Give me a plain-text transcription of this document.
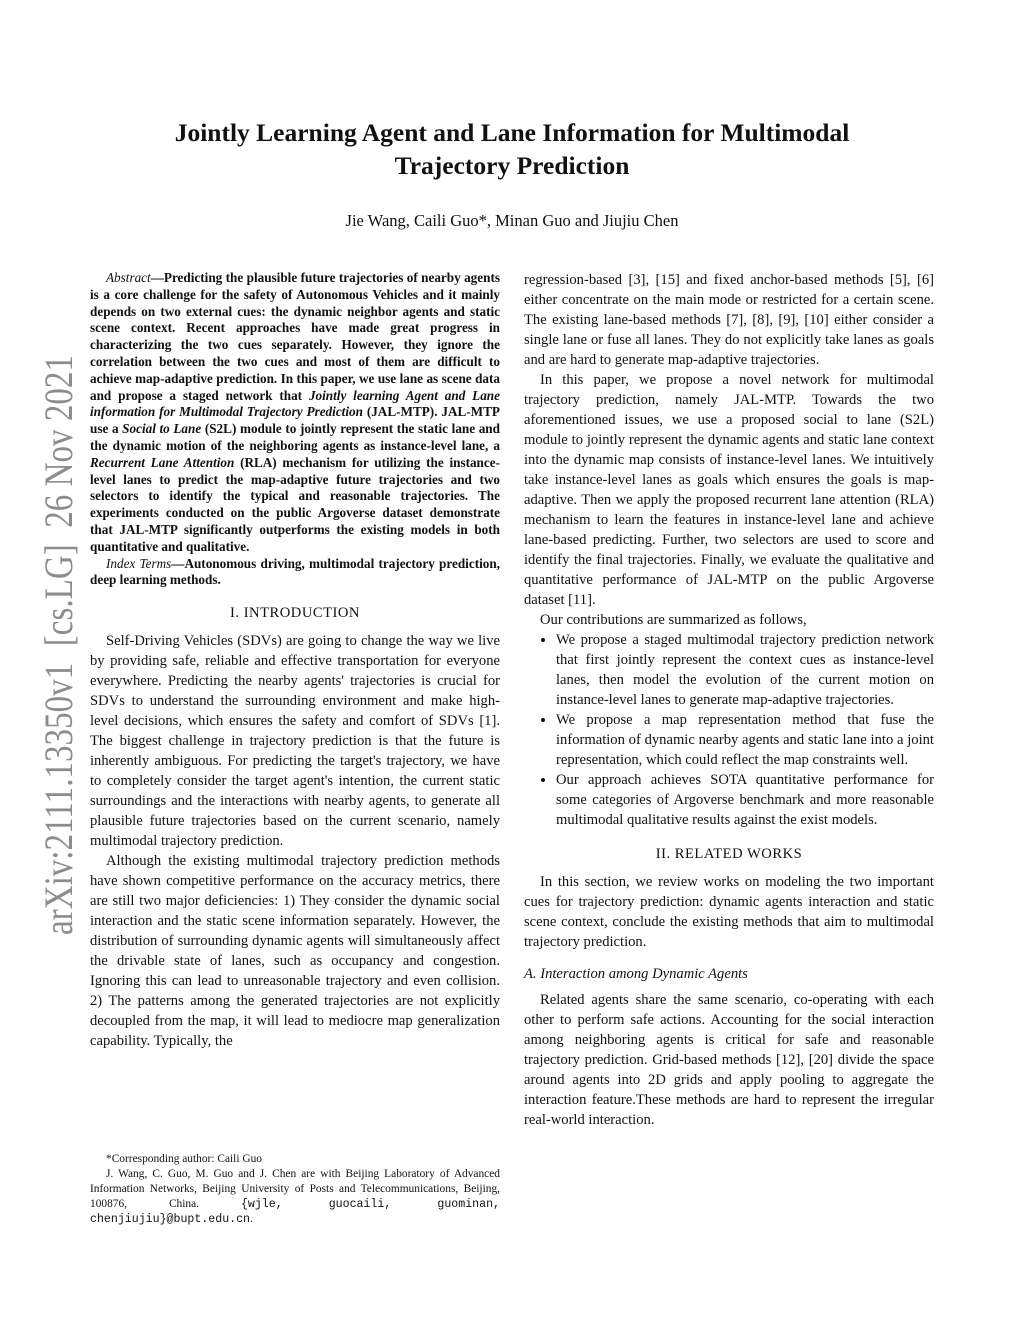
arXiv:2111.13350v1  [cs.LG]  26 Nov 2021
Jointly Learning Agent and Lane Information for Multimodal
Trajectory Prediction
Jie Wang, Caili Guo*, Minan Guo and Jiujiu Chen

Abstract—Predicting the plausible future trajectories of nearby agents is a core challenge for the safety of Autonomous Vehicles and it mainly depends on two external cues: the dynamic neighbor agents and static scene context. Recent approaches have made great progress in characterizing the two cues separately. However, they ignore the correlation between the two cues and most of them are difficult to achieve map-adaptive prediction. In this paper, we use lane as scene data and propose a staged network that Jointly learning Agent and Lane information for Multimodal Trajectory Prediction (JAL-MTP). JAL-MTP use a Social to Lane (S2L) module to jointly represent the static lane and the dynamic motion of the neighboring agents as instance-level lane, a Recurrent Lane Attention (RLA) mechanism for utilizing the instance-level lanes to predict the map-adaptive future trajectories and two selectors to identify the typical and reasonable trajectories. The experiments conducted on the public Argoverse dataset demonstrate that JAL-MTP significantly outperforms the existing models in both quantitative and qualitative.

Index Terms—Autonomous driving, multimodal trajectory prediction, deep learning methods.

I. INTRODUCTION

Self-Driving Vehicles (SDVs) are going to change the way we live by providing safe, reliable and effective transportation for everyone everywhere. Predicting the nearby agents' trajectories is crucial for SDVs to understand the surrounding environment and make high-level decisions, which ensures the safety and comfort of SDVs [1]. The biggest challenge in trajectory prediction is that the future is inherently ambiguous. For predicting the target's trajectory, we have to completely consider the target agent's intention, the current static surroundings and the interactions with nearby agents, to generate all plausible future trajectories based on the current scenario, namely multimodal trajectory prediction.

Although the existing multimodal trajectory prediction methods have shown competitive performance on the accuracy metrics, there are still two major deficiencies: 1) They consider the dynamic social interaction and the static scene information separately. However, the distribution of surrounding dynamic agents will simultaneously affect the drivable state of lanes, such as occupancy and congestion. Ignoring this can lead to unreasonable trajectory and even collision. 2) The patterns among the generated trajectories are not explicitly decoupled from the map, it will lead to mediocre map generalization capability. Typically, the

*Corresponding author: Caili Guo

J. Wang, C. Guo, M. Guo and J. Chen are with Beijing Laboratory of Advanced Information Networks, Beijing University of Posts and Telecommunications, Beijing, 100876, China. {wjle, guocaili, guominan, chenjiujiu}@bupt.edu.cn.

regression-based [3], [15] and fixed anchor-based methods [5], [6] either concentrate on the main mode or restricted for a certain scene. The existing lane-based methods [7], [8], [9], [10] either consider a single lane or fuse all lanes. They do not explicitly take lanes as goals and are hard to generate map-adaptive trajectories.

In this paper, we propose a novel network for multimodal trajectory prediction, namely JAL-MTP. Towards the two aforementioned issues, we use a proposed social to lane (S2L) module to jointly represent the dynamic agents and static lane context into the dynamic map consists of instance-level lanes. We intuitively take instance-level lanes as goals which ensures the goals is map-adaptive. Then we apply the proposed recurrent lane attention (RLA) mechanism to learn the features in instance-level lane and achieve lane-based predicting. Further, two selectors are used to score and identify the final trajectories. Finally, we evaluate the qualitative and quantitative performance of JAL-MTP on the public Argoverse dataset [11].

Our contributions are summarized as follows,

• We propose a staged multimodal trajectory prediction network that first jointly represent the context cues as instance-level lanes, then model the evolution of the current motion on instance-level lanes to generate map-adaptive trajectories.
• We propose a map representation method that fuse the information of dynamic nearby agents and static lane into a joint representation, which could reflect the map constraints well.
• Our approach achieves SOTA quantitative performance for some categories of Argoverse benchmark and more reasonable multimodal qualitative results against the exist models.
II. RELATED WORKS

In this section, we review works on modeling the two important cues for trajectory prediction: dynamic agents interaction and static scene context, conclude the existing methods that aim to multimodal trajectory prediction.

A. Interaction among Dynamic Agents

Related agents share the same scenario, co-operating with each other to perform safe actions. Accounting for the social interaction among neighboring agents is critical for safe and reasonable trajectory prediction. Grid-based methods [12], [20] divide the space around agents into 2D grids and apply pooling to aggregate the interaction feature.These methods are hard to represent the irregular real-world interaction.
